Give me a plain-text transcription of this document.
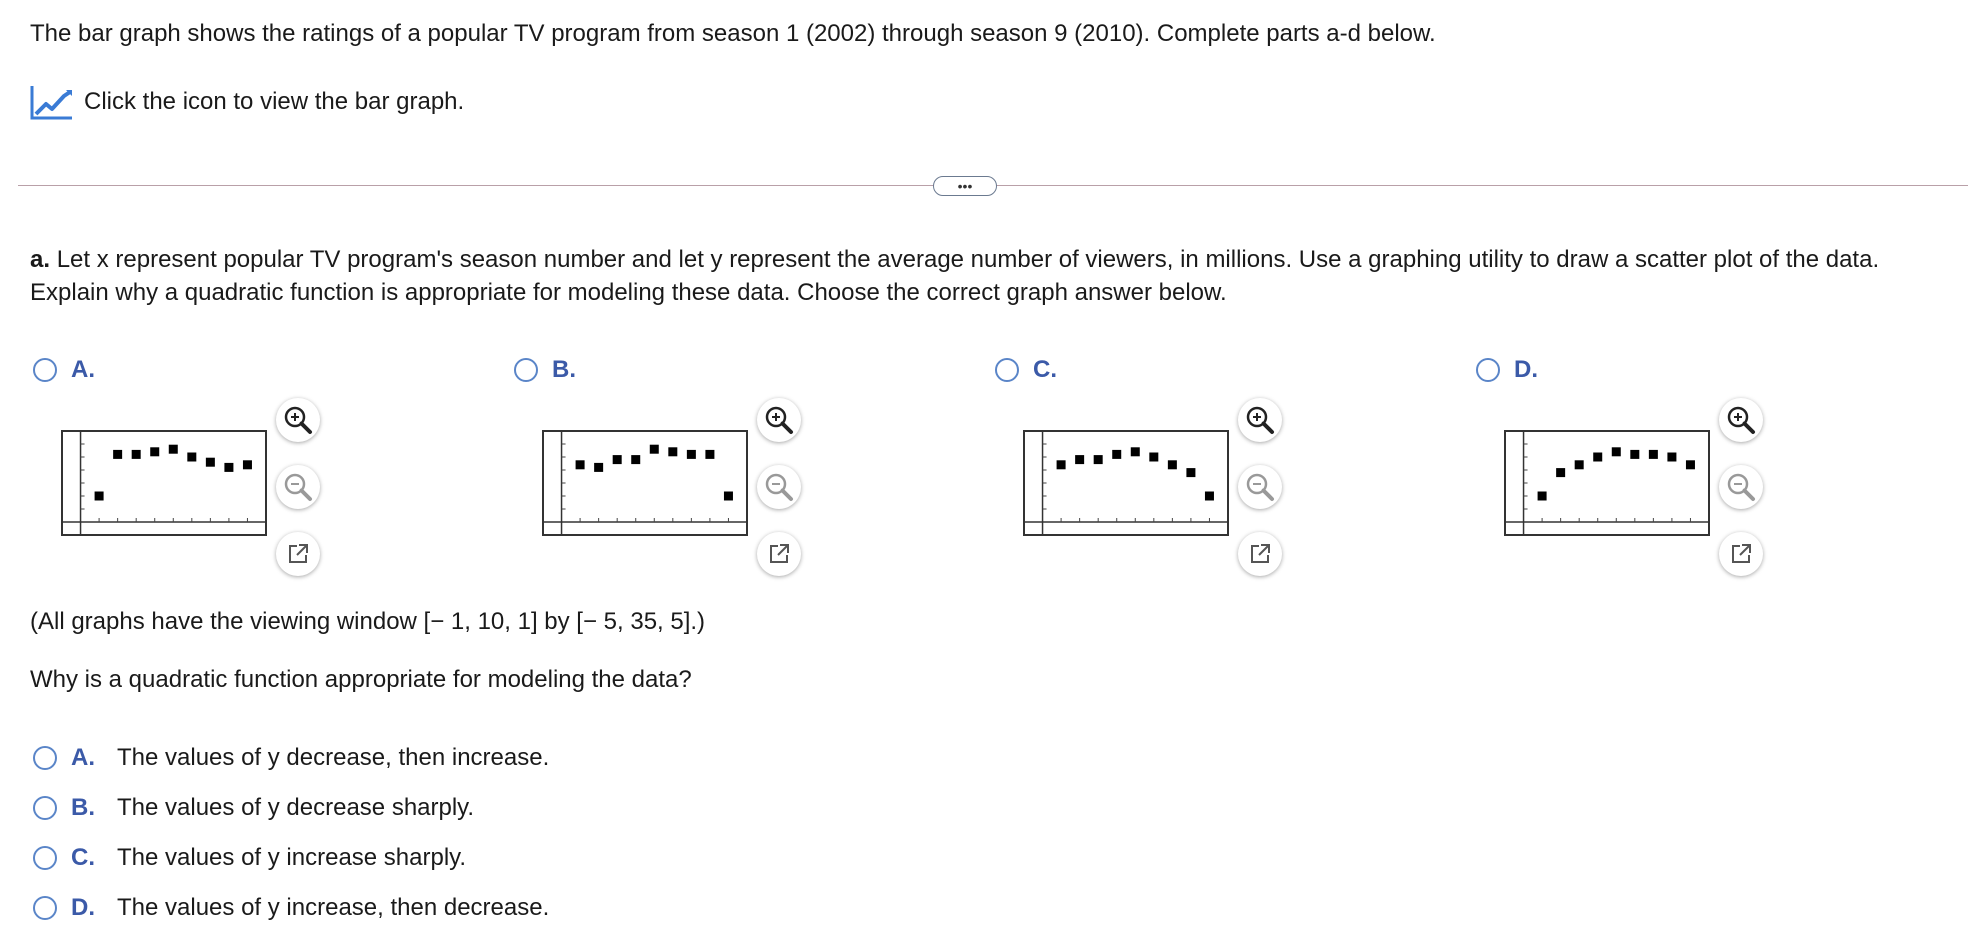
The bar graph shows the ratings of a popular TV program from season 1 (2002) through season 9 (2010). Complete parts a-d below.
Click the icon to view the bar graph.
•••
a. Let x represent popular TV program's season number and let y represent the average number of viewers, in millions. Use a graphing utility to draw a scatter plot of the data. Explain why a quadratic function is appropriate for modeling these data. Choose the correct graph answer below.
A.	B.	C.	D.
(All graphs have the viewing window [− 1, 10, 1] by [− 5, 35, 5].)
Why is a quadratic function appropriate for modeling the data?
A. The values of y decrease, then increase.
B. The values of y decrease sharply.
C. The values of y increase sharply.
D. The values of y increase, then decrease.
